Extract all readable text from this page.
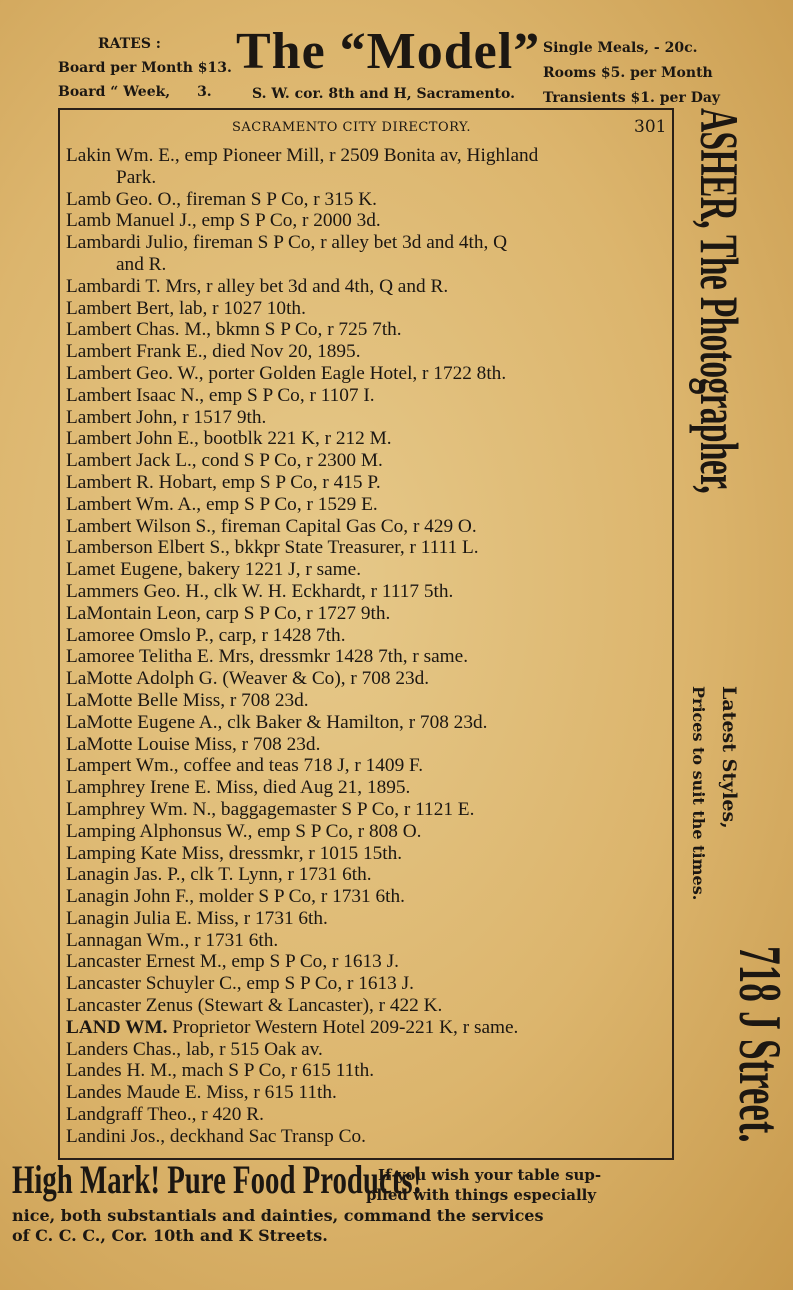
RATES :
Board per Month $13.
Board “ Week, 3.
The “Model”
S. W. cor. 8th and H, Sacramento.
Single Meals, - 20c.
Rooms $5. per Month
Transients $1. per Day
SACRAMENTO CITY DIRECTORY.	301
Lakin Wm. E., emp Pioneer Mill, r 2509 Bonita av, Highland
Park.
Lamb Geo. O., fireman S P Co, r 315 K.
Lamb Manuel J., emp S P Co, r 2000 3d.
Lambardi Julio, fireman S P Co, r alley bet 3d and 4th, Q
and R.
Lambardi T. Mrs, r alley bet 3d and 4th, Q and R.
Lambert Bert, lab, r 1027 10th.
Lambert Chas. M., bkmn S P Co, r 725 7th.
Lambert Frank E., died Nov 20, 1895.
Lambert Geo. W., porter Golden Eagle Hotel, r 1722 8th.
Lambert Isaac N., emp S P Co, r 1107 I.
Lambert John, r 1517 9th.
Lambert John E., bootblk 221 K, r 212 M.
Lambert Jack L., cond S P Co, r 2300 M.
Lambert R. Hobart, emp S P Co, r 415 P.
Lambert Wm. A., emp S P Co, r 1529 E.
Lambert Wilson S., fireman Capital Gas Co, r 429 O.
Lamberson Elbert S., bkkpr State Treasurer, r 1111 L.
Lamet Eugene, bakery 1221 J, r same.
Lammers Geo. H., clk W. H. Eckhardt, r 1117 5th.
LaMontain Leon, carp S P Co, r 1727 9th.
Lamoree Omslo P., carp, r 1428 7th.
Lamoree Telitha E. Mrs, dressmkr 1428 7th, r same.
LaMotte Adolph G. (Weaver & Co), r 708 23d.
LaMotte Belle Miss, r 708 23d.
LaMotte Eugene A., clk Baker & Hamilton, r 708 23d.
LaMotte Louise Miss, r 708 23d.
Lampert Wm., coffee and teas 718 J, r 1409 F.
Lamphrey Irene E. Miss, died Aug 21, 1895.
Lamphrey Wm. N., baggagemaster S P Co, r 1121 E.
Lamping Alphonsus W., emp S P Co, r 808 O.
Lamping Kate Miss, dressmkr, r 1015 15th.
Lanagin Jas. P., clk T. Lynn, r 1731 6th.
Lanagin John F., molder S P Co, r 1731 6th.
Lanagin Julia E. Miss, r 1731 6th.
Lannagan Wm., r 1731 6th.
Lancaster Ernest M., emp S P Co, r 1613 J.
Lancaster Schuyler C., emp S P Co, r 1613 J.
Lancaster Zenus (Stewart & Lancaster), r 422 K.
LAND WM. Proprietor Western Hotel 209-221 K, r same.
Landers Chas., lab, r 515 Oak av.
Landes H. M., mach S P Co, r 615 11th.
Landes Maude E. Miss, r 615 11th.
Landgraff Theo., r 420 R.
Landini Jos., deckhand Sac Transp Co.
ASHER, The Photographer,
Latest Styles,
Prices to suit the times.
718 J Street.
High Mark! Pure Food Products!
If you wish your table sup-
plied with things especially
nice, both substantials and dainties, command the services
of C. C. C., Cor. 10th and K Streets.
